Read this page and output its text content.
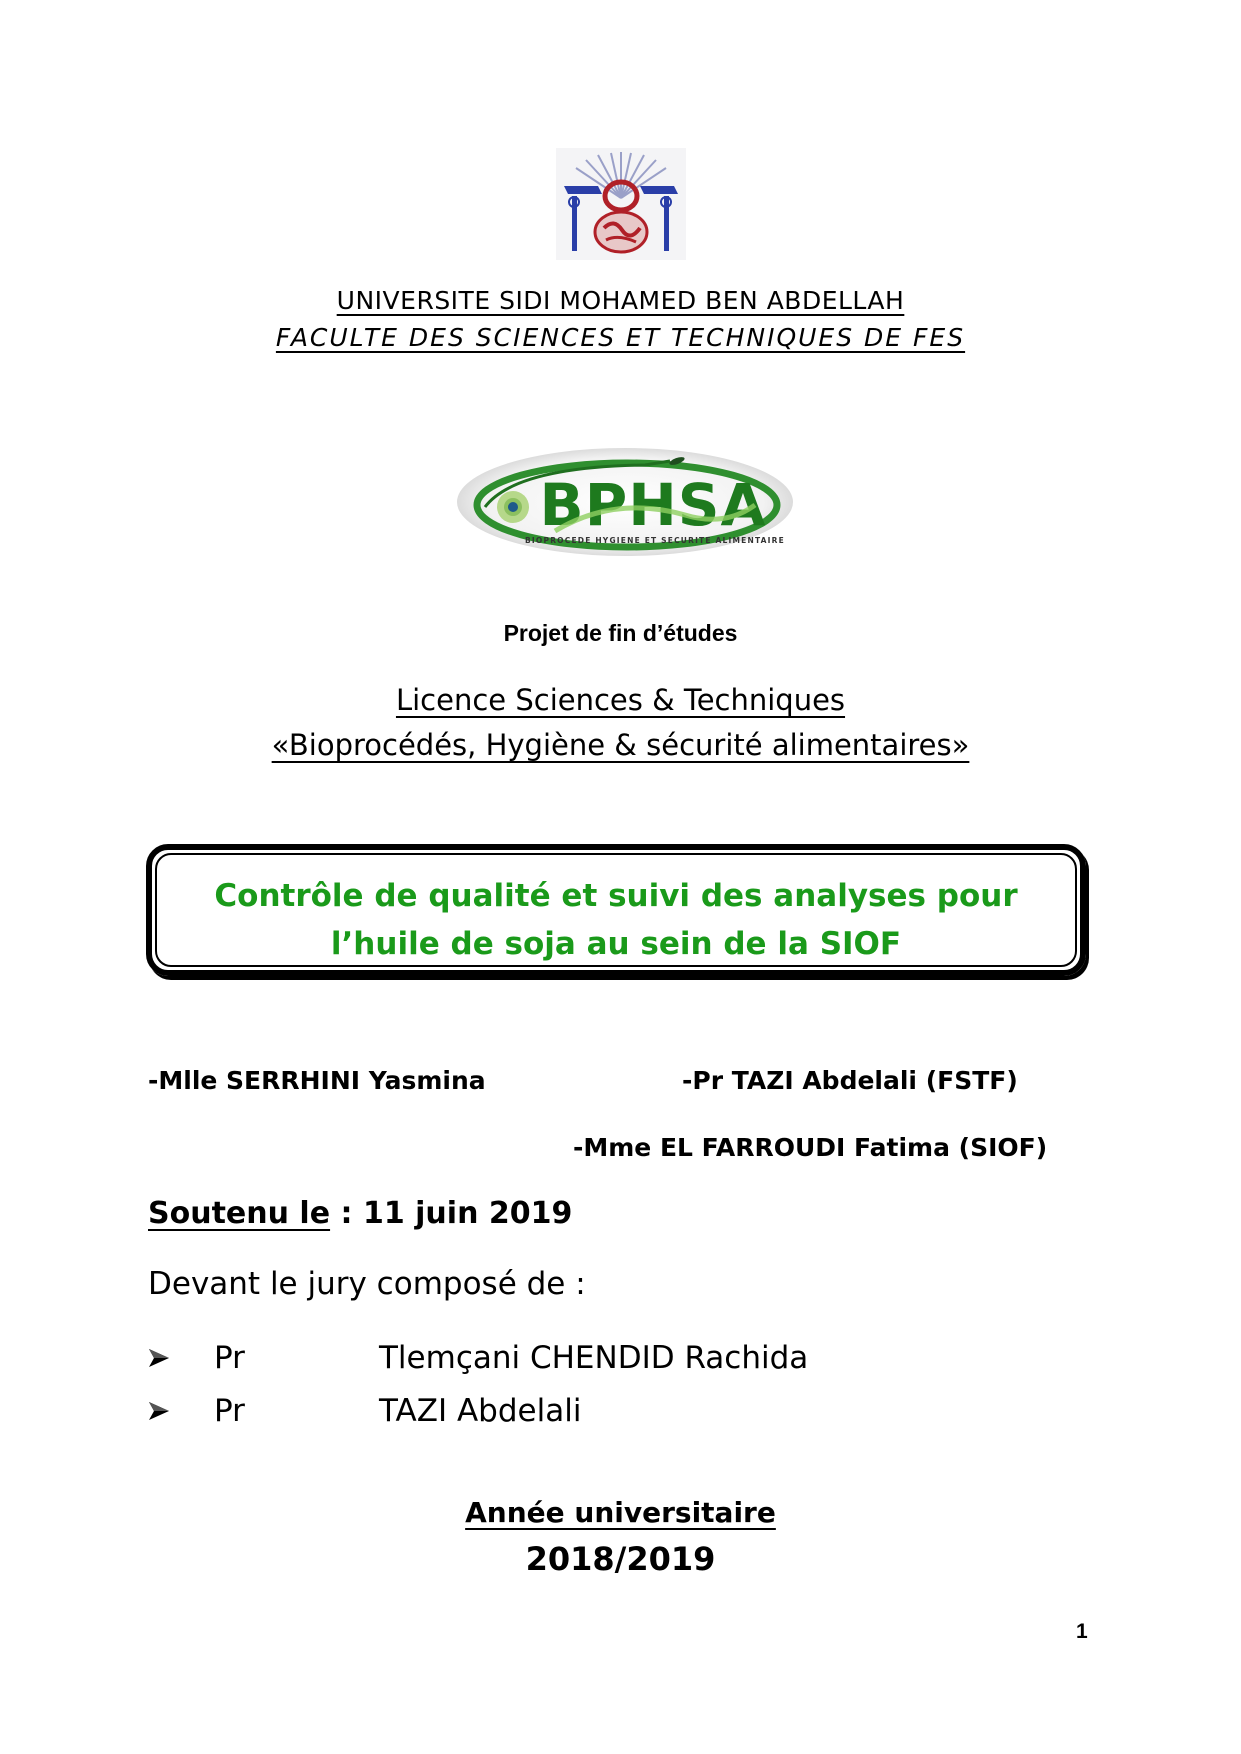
UNIVERSITE SIDI MOHAMED BEN ABDELLAH
FACULTE DES SCIENCES ET TECHNIQUES DE FES
BPHSA
BIOPROCEDE HYGIENE ET SECURITE ALIMENTAIRE
Projet de fin d’études
Licence Sciences & Techniques
«Bioprocédés, Hygiène & sécurité alimentaires»
Contrôle de qualité et suivi des analyses pour
l’huile de soja au sein de la SIOF
-Mlle SERRHINI Yasmina	-Pr TAZI Abdelali (FSTF)
-Mme EL FARROUDI Fatima (SIOF)
Soutenu le : 11 juin 2019
Devant le jury composé de :
Pr	Tlemçani CHENDID Rachida
Pr	TAZI Abdelali
Année universitaire
2018/2019
1
